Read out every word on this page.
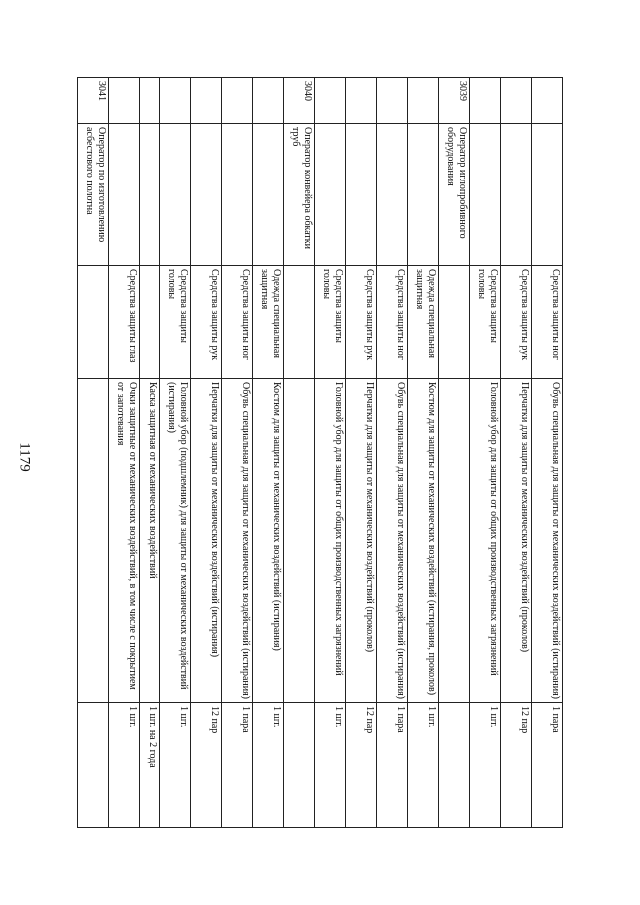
1179
		Средства защиты ног	Обувь специальная для защиты от механических воздействий (истирания)	1 пара
		Средства защиты рук	Перчатки для защиты от механических воздействий (проколов)	12 пар
		Средства защиты головы	Головной убор для защиты от общих производственных загрязнений	1 шт.
3039	Оператор иглопробивного оборудования			
		Одежда специальная защитная	Костюм для защиты от механических воздействий (истирания, проколов)	1 шт.
		Средства защиты ног	Обувь специальная для защиты от механических воздействий (истирания)	1 пара
		Средства защиты рук	Перчатки для защиты от механических воздействий (проколов)	12 пар
		Средства защиты головы	Головной убор для защиты от общих производственных загрязнений	1 шт.
3040	Оператор конвейера обкатки труб			
		Одежда специальная защитная	Костюм для защиты от механических воздействий (истирания)	1 шт.
		Средства защиты ног	Обувь специальная для защиты от механических воздействий (истирания)	1 пара
		Средства защиты рук	Перчатки для защиты от механических воздействий (истирания)	12 пар
		Средства защиты головы	Головной убор (подшлемник) для защиты от механических воздействий (истирания)	1 шт.
			Каска защитная от механических воздействий	1 шт. на 2 года
		Средства защиты глаз	Очки защитные от механических воздействий, в том числе с покрытием от запотевания	1 шт.
3041	Оператор по изготовлению асбестового полотна			
